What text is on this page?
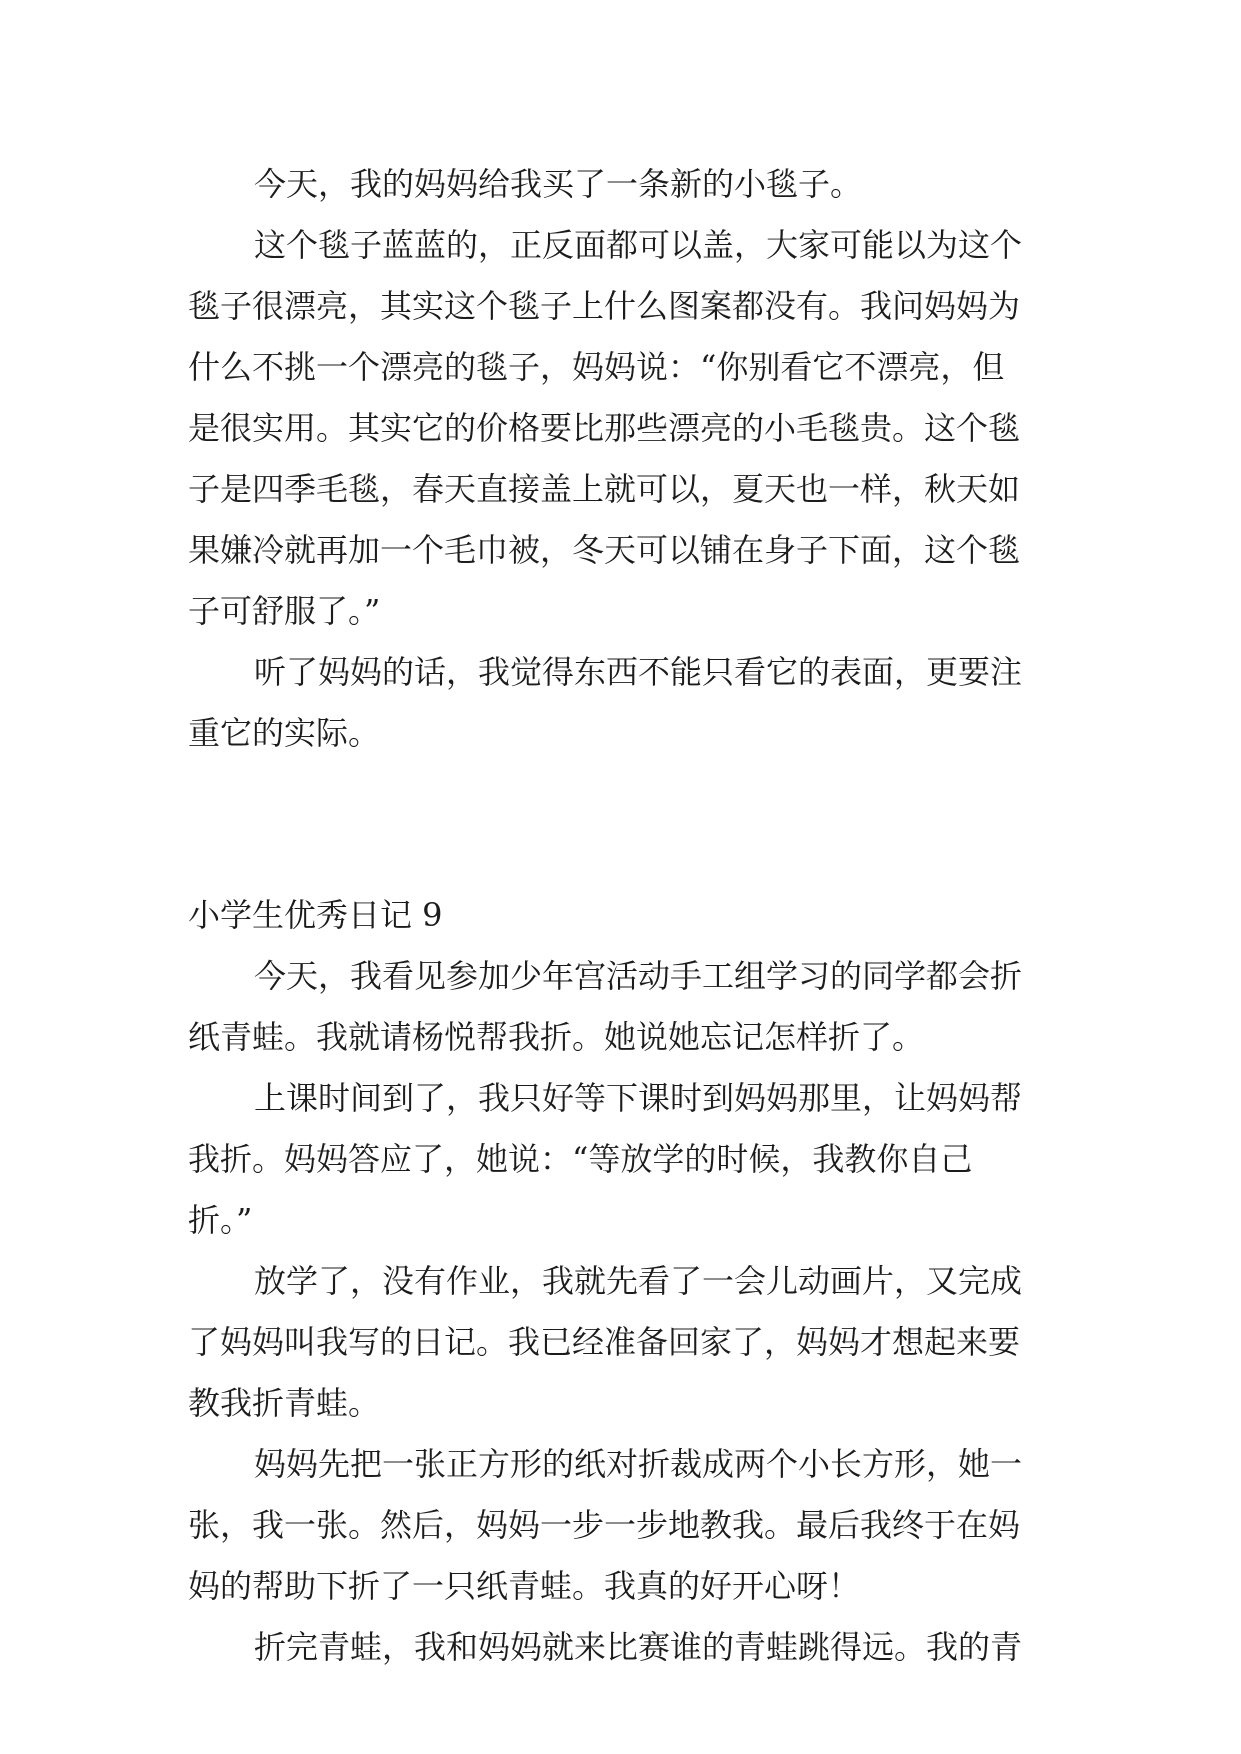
今天，我的妈妈给我买了一条新的小毯子。
这个毯子蓝蓝的，正反面都可以盖，大家可能以为这个
毯子很漂亮，其实这个毯子上什么图案都没有。我问妈妈为
什么不挑一个漂亮的毯子，妈妈说：“你别看它不漂亮，但
是很实用。其实它的价格要比那些漂亮的小毛毯贵。这个毯
子是四季毛毯，春天直接盖上就可以，夏天也一样，秋天如
果嫌冷就再加一个毛巾被，冬天可以铺在身子下面，这个毯
子可舒服了。”
听了妈妈的话，我觉得东西不能只看它的表面，更要注
重它的实际。
小学生优秀日记 9
今天，我看见参加少年宫活动手工组学习的同学都会折
纸青蛙。我就请杨悦帮我折。她说她忘记怎样折了。
上课时间到了，我只好等下课时到妈妈那里，让妈妈帮
我折。妈妈答应了，她说：“等放学的时候，我教你自己
折。”
放学了，没有作业，我就先看了一会儿动画片，又完成
了妈妈叫我写的日记。我已经准备回家了，妈妈才想起来要
教我折青蛙。
妈妈先把一张正方形的纸对折裁成两个小长方形，她一
张，我一张。然后，妈妈一步一步地教我。最后我终于在妈
妈的帮助下折了一只纸青蛙。我真的好开心呀！
折完青蛙，我和妈妈就来比赛谁的青蛙跳得远。我的青
